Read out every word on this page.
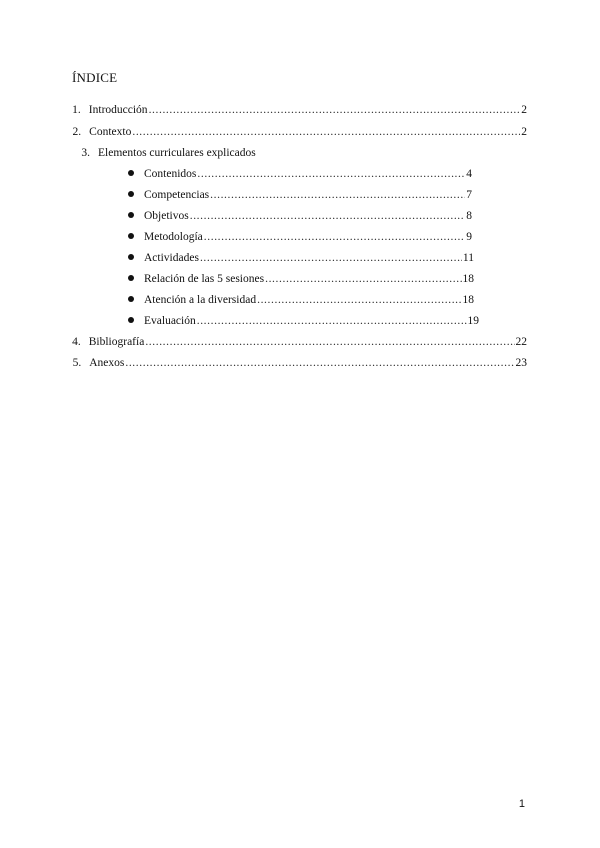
ÍNDICE
1. Introducción .....	2
2. Contexto .....	2
3. Elementos curriculares explicados
Contenidos .....	4
Competencias .....	7
Objetivos .....	8
Metodología .....	9
Actividades .....	11
Relación de las 5 sesiones .....	18
Atención a la diversidad .....	18
Evaluación .....	19
4. Bibliografía .....	22
5. Anexos .....	23
1
